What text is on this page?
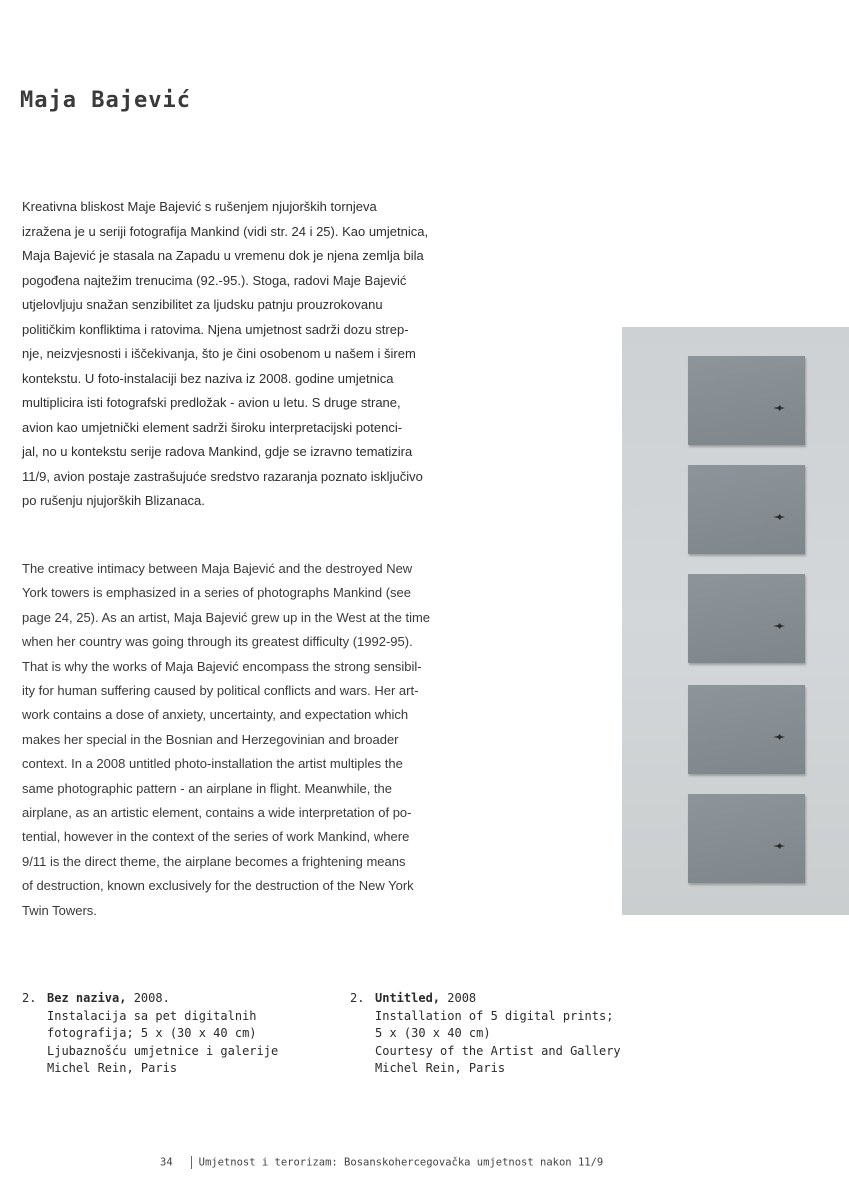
Maja Bajević

Kreativna bliskost Maje Bajević s rušenjem njujorških tornjeva
izražena je u seriji fotografija Mankind (vidi str. 24 i 25). Kao umjetnica,
Maja Bajević je stasala na Zapadu u vremenu dok je njena zemlja bila
pogođena najtežim trenucima (92.-95.). Stoga, radovi Maje Bajević
utjelovljuju snažan senzibilitet za ljudsku patnju prouzrokovanu
političkim konfliktima i ratovima. Njena umjetnost sadrži dozu strep-
nje, neizvjesnosti i iščekivanja, što je čini osobenom u našem i širem
kontekstu. U foto-instalaciji bez naziva iz 2008. godine umjetnica
multiplicira isti fotografski predložak - avion u letu. S druge strane,
avion kao umjetnički element sadrži široku interpretacijski potenci-
jal, no u kontekstu serije radova Mankind, gdje se izravno tematizira
11/9, avion postaje zastrašujuće sredstvo razaranja poznato isključivo
po rušenju njujorških Blizanaca.

The creative intimacy between Maja Bajević and the destroyed New
York towers is emphasized in a series of photographs Mankind (see
page 24, 25). As an artist, Maja Bajević grew up in the West at the time
when her country was going through its greatest difficulty (1992-95).
That is why the works of Maja Bajević encompass the strong sensibil-
ity for human suffering caused by political conflicts and wars. Her art-
work contains a dose of anxiety, uncertainty, and expectation which
makes her special in the Bosnian and Herzegovinian and broader
context. In a 2008 untitled photo-installation the artist multiples the
same photographic pattern - an airplane in flight. Meanwhile, the
airplane, as an artistic element, contains a wide interpretation of po-
tential, however in the context of the series of work Mankind, where
9/11 is the direct theme, the airplane becomes a frightening means
of destruction, known exclusively for the destruction of the New York
Twin Towers.

2. Bez naziva, 2008.

Instalacija sa pet digitalnih
fotografija; 5 x (30 x 40 cm)
Ljubaznošću umjetnice i galerije
Michel Rein, Paris
2. Untitled, 2008

Installation of 5 digital prints;
5 x (30 x 40 cm)
Courtesy of the Artist and Gallery
Michel Rein, Paris
34 Umjetnost i terorizam: Bosanskohercegovačka umjetnost nakon 11/9
